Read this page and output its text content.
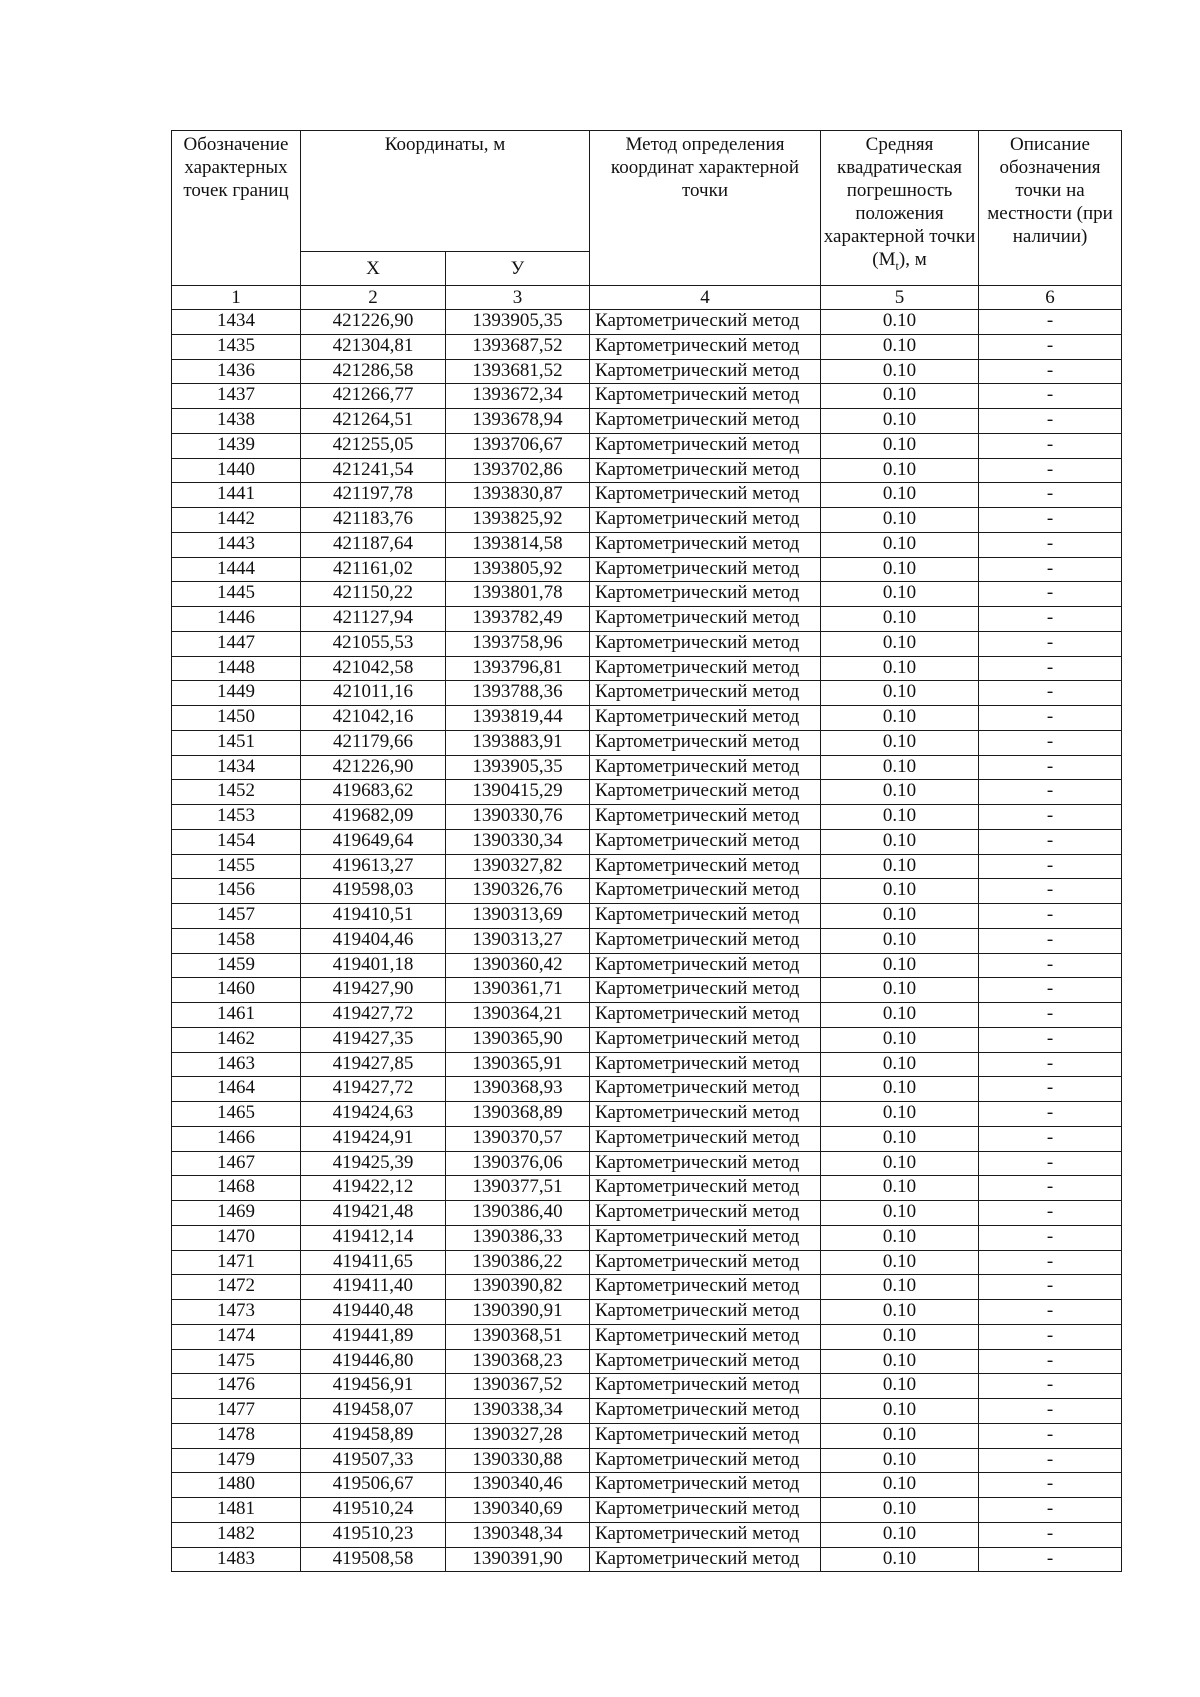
Обозначение характерных точек границ	Координаты, м		Метод определения координат характерной точки	Средняя квадратическая погрешность положения характерной точки $(M_t)$, м	Описание обозначения точки на местности (при наличии)
	Х	У			
1	2	3	4	5	6
1434	421226,90	1393905,35	Картометрический метод	0.10	-
1435	421304,81	1393687,52	Картометрический метод	0.10	-
1436	421286,58	1393681,52	Картометрический метод	0.10	-
1437	421266,77	1393672,34	Картометрический метод	0.10	-
1438	421264,51	1393678,94	Картометрический метод	0.10	-
1439	421255,05	1393706,67	Картометрический метод	0.10	-
1440	421241,54	1393702,86	Картометрический метод	0.10	-
1441	421197,78	1393830,87	Картометрический метод	0.10	-
1442	421183,76	1393825,92	Картометрический метод	0.10	-
1443	421187,64	1393814,58	Картометрический метод	0.10	-
1444	421161,02	1393805,92	Картометрический метод	0.10	-
1445	421150,22	1393801,78	Картометрический метод	0.10	-
1446	421127,94	1393782,49	Картометрический метод	0.10	-
1447	421055,53	1393758,96	Картометрический метод	0.10	-
1448	421042,58	1393796,81	Картометрический метод	0.10	-
1449	421011,16	1393788,36	Картометрический метод	0.10	-
1450	421042,16	1393819,44	Картометрический метод	0.10	-
1451	421179,66	1393883,91	Картометрический метод	0.10	-
1434	421226,90	1393905,35	Картометрический метод	0.10	-
1452	419683,62	1390415,29	Картометрический метод	0.10	-
1453	419682,09	1390330,76	Картометрический метод	0.10	-
1454	419649,64	1390330,34	Картометрический метод	0.10	-
1455	419613,27	1390327,82	Картометрический метод	0.10	-
1456	419598,03	1390326,76	Картометрический метод	0.10	-
1457	419410,51	1390313,69	Картометрический метод	0.10	-
1458	419404,46	1390313,27	Картометрический метод	0.10	-
1459	419401,18	1390360,42	Картометрический метод	0.10	-
1460	419427,90	1390361,71	Картометрический метод	0.10	-
1461	419427,72	1390364,21	Картометрический метод	0.10	-
1462	419427,35	1390365,90	Картометрический метод	0.10	-
1463	419427,85	1390365,91	Картометрический метод	0.10	-
1464	419427,72	1390368,93	Картометрический метод	0.10	-
1465	419424,63	1390368,89	Картометрический метод	0.10	-
1466	419424,91	1390370,57	Картометрический метод	0.10	-
1467	419425,39	1390376,06	Картометрический метод	0.10	-
1468	419422,12	1390377,51	Картометрический метод	0.10	-
1469	419421,48	1390386,40	Картометрический метод	0.10	-
1470	419412,14	1390386,33	Картометрический метод	0.10	-
1471	419411,65	1390386,22	Картометрический метод	0.10	-
1472	419411,40	1390390,82	Картометрический метод	0.10	-
1473	419440,48	1390390,91	Картометрический метод	0.10	-
1474	419441,89	1390368,51	Картометрический метод	0.10	-
1475	419446,80	1390368,23	Картометрический метод	0.10	-
1476	419456,91	1390367,52	Картометрический метод	0.10	-
1477	419458,07	1390338,34	Картометрический метод	0.10	-
1478	419458,89	1390327,28	Картометрический метод	0.10	-
1479	419507,33	1390330,88	Картометрический метод	0.10	-
1480	419506,67	1390340,46	Картометрический метод	0.10	-
1481	419510,24	1390340,69	Картометрический метод	0.10	-
1482	419510,23	1390348,34	Картометрический метод	0.10	-
1483	419508,58	1390391,90	Картометрический метод	0.10	-
